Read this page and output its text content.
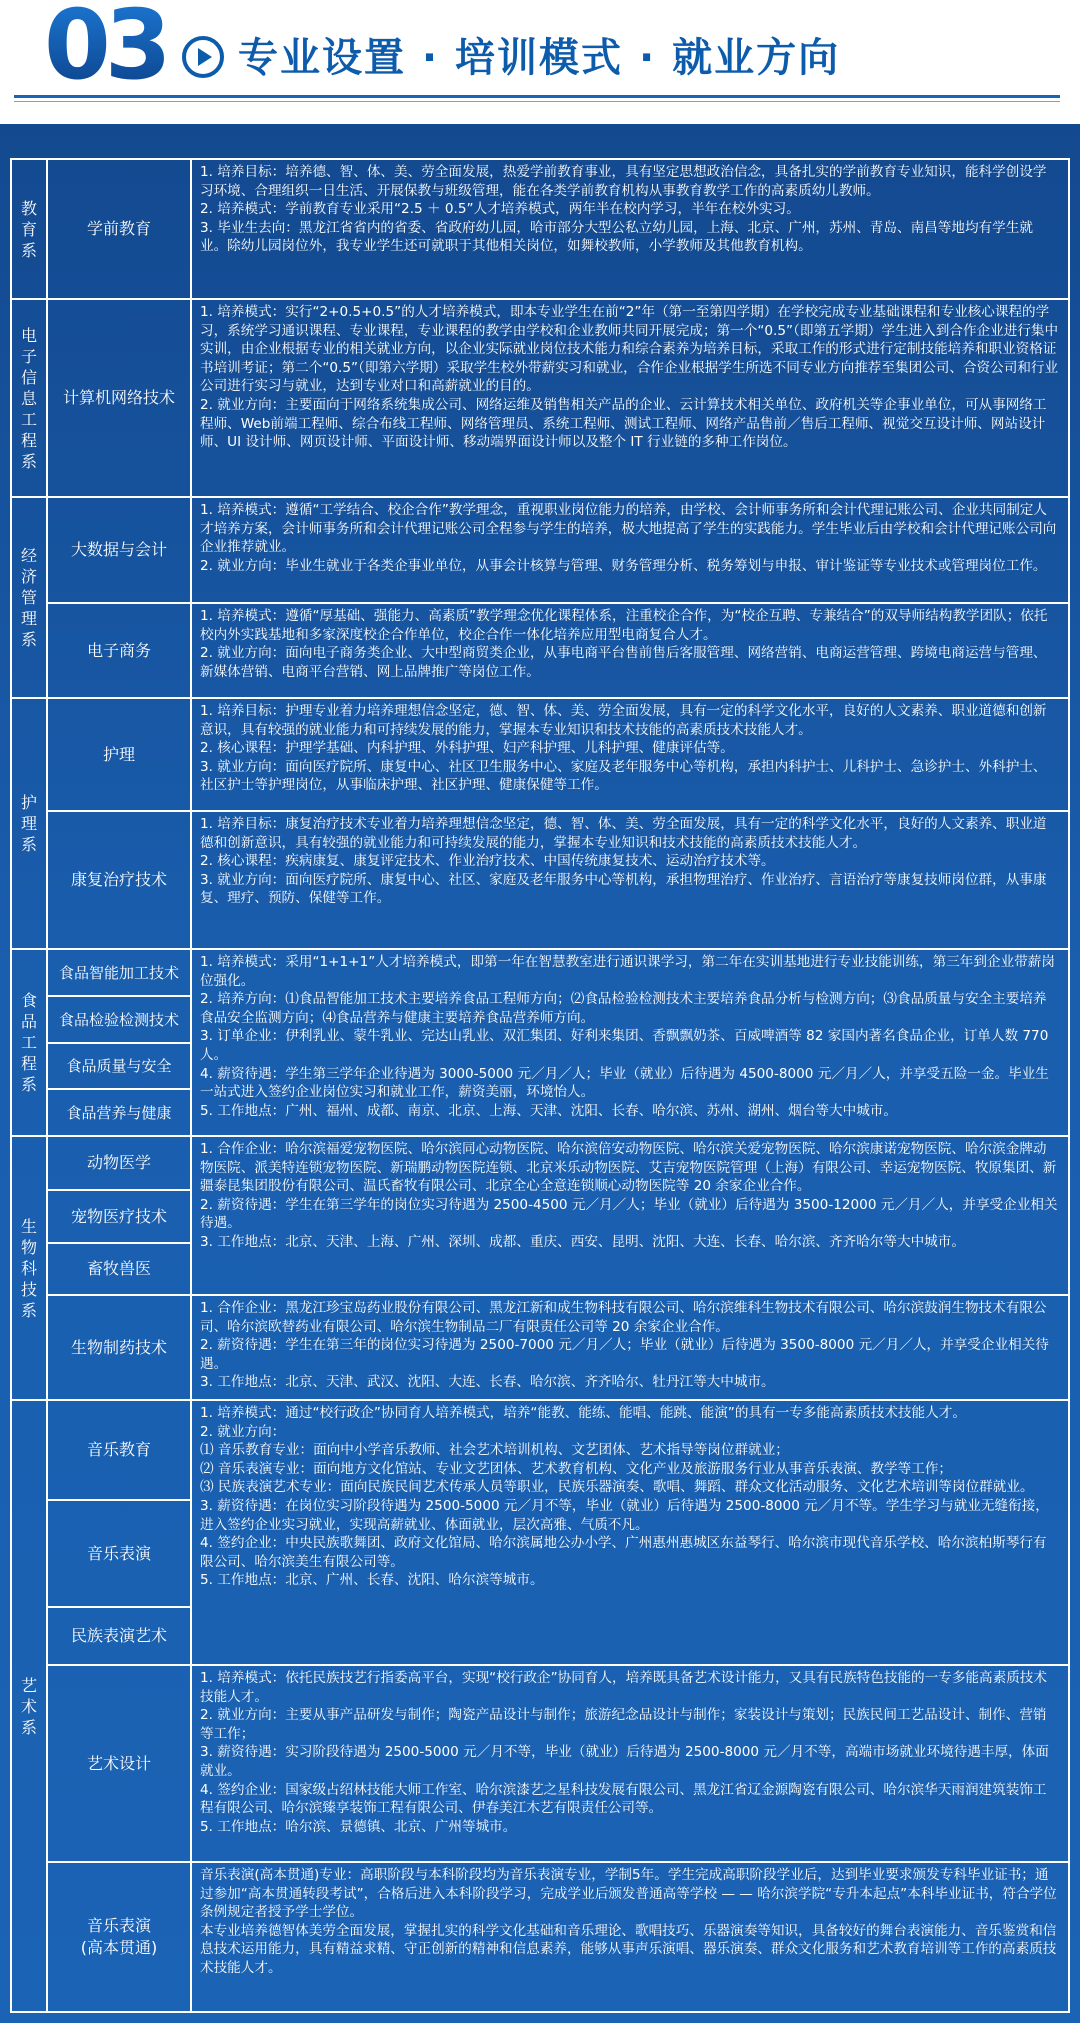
03 专业设置 · 培训模式 · 就业方向
教育系
电子信息工程系
经济管理系
护理系
食品工程系
生物科技系
艺术系
学前教育
计算机网络技术
大数据与会计
电子商务
护理
康复治疗技术
食品智能加工技术
食品检验检测技术
食品质量与安全
食品营养与健康
动物医学
宠物医疗技术
畜牧兽医
生物制药技术
音乐教育
音乐表演
民族表演艺术
艺术设计
音乐表演
(高本贯通)

1. 培养目标：培养德、智、体、美、劳全面发展，热爱学前教育事业，具有坚定思想政治信念，具备扎实的学前教育专业知识，能科学创设学习环境、合理组织一日生活、开展保教与班级管理，能在各类学前教育机构从事教育教学工作的高素质幼儿教师。

2. 培养模式：学前教育专业采用“2.5 ＋ 0.5”人才培养模式，两年半在校内学习，半年在校外实习。

3. 毕业生去向：黑龙江省省内的省委、省政府幼儿园，哈市部分大型公私立幼儿园，上海、北京、广州，苏州、青岛、南昌等地均有学生就业。除幼儿园岗位外，我专业学生还可就职于其他相关岗位，如舞校教师，小学教师及其他教育机构。

1. 培养模式：实行“2+0.5+0.5”的人才培养模式，即本专业学生在前“2”年（第一至第四学期）在学校完成专业基础课程和专业核心课程的学习，系统学习通识课程、专业课程，专业课程的教学由学校和企业教师共同开展完成；第一个“0.5”（即第五学期）学生进入到合作企业进行集中实训，由企业根据专业的相关就业方向，以企业实际就业岗位技术能力和综合素养为培养目标，采取工作的形式进行定制技能培养和职业资格证书培训考证；第二个“0.5”（即第六学期）采取学生校外带薪实习和就业，合作企业根据学生所选不同专业方向推荐至集团公司、合资公司和行业公司进行实习与就业，达到专业对口和高薪就业的目的。

2. 就业方向：主要面向于网络系统集成公司、网络运维及销售相关产品的企业、云计算技术相关单位、政府机关等企事业单位，可从事网络工程师、Web前端工程师、综合布线工程师、网络管理员、系统工程师、测试工程师、网络产品售前／售后工程师、视觉交互设计师、网站设计师、UI 设计师、网页设计师、平面设计师、移动端界面设计师以及整个 IT 行业链的多种工作岗位。

1. 培养模式：遵循“工学结合、校企合作”教学理念，重视职业岗位能力的培养，由学校、会计师事务所和会计代理记账公司、企业共同制定人才培养方案，会计师事务所和会计代理记账公司全程参与学生的培养，极大地提高了学生的实践能力。学生毕业后由学校和会计代理记账公司向企业推荐就业。

2. 就业方向：毕业生就业于各类企事业单位，从事会计核算与管理、财务管理分析、税务筹划与申报、审计鉴证等专业技术或管理岗位工作。

1. 培养模式：遵循“厚基础、强能力、高素质”教学理念优化课程体系，注重校企合作，为“校企互聘、专兼结合”的双导师结构教学团队；依托校内外实践基地和多家深度校企合作单位，校企合作一体化培养应用型电商复合人才。

2. 就业方向：面向电子商务类企业、大中型商贸类企业，从事电商平台售前售后客服管理、网络营销、电商运营管理、跨境电商运营与管理、新媒体营销、电商平台营销、网上品牌推广等岗位工作。

1. 培养目标：护理专业着力培养理想信念坚定，德、智、体、美、劳全面发展，具有一定的科学文化水平，良好的人文素养、职业道德和创新意识，具有较强的就业能力和可持续发展的能力，掌握本专业知识和技术技能的高素质技术技能人才。

2. 核心课程：护理学基础、内科护理、外科护理、妇产科护理、儿科护理、健康评估等。

3. 就业方向：面向医疗院所、康复中心、社区卫生服务中心、家庭及老年服务中心等机构，承担内科护士、儿科护士、急诊护士、外科护士、社区护士等护理岗位，从事临床护理、社区护理、健康保健等工作。

1. 培养目标：康复治疗技术专业着力培养理想信念坚定，德、智、体、美、劳全面发展，具有一定的科学文化水平，良好的人文素养、职业道德和创新意识，具有较强的就业能力和可持续发展的能力，掌握本专业知识和技术技能的高素质技术技能人才。

2. 核心课程：疾病康复、康复评定技术、作业治疗技术、中国传统康复技术、运动治疗技术等。

3. 就业方向：面向医疗院所、康复中心、社区、家庭及老年服务中心等机构，承担物理治疗、作业治疗、言语治疗等康复技师岗位群，从事康复、理疗、预防、保健等工作。

1. 培养模式：采用“1+1+1”人才培养模式，即第一年在智慧教室进行通识课学习，第二年在实训基地进行专业技能训练，第三年到企业带薪岗位强化。

2. 培养方向：⑴食品智能加工技术主要培养食品工程师方向；⑵食品检验检测技术主要培养食品分析与检测方向；⑶食品质量与安全主要培养食品安全监测方向；⑷食品营养与健康主要培养食品营养师方向。

3. 订单企业：伊利乳业、蒙牛乳业、完达山乳业、双汇集团、好利来集团、香飘飘奶茶、百威啤酒等 82 家国内著名食品企业，订单人数 770 人。

4. 薪资待遇：学生第三学年企业待遇为 3000-5000 元／月／人；毕业（就业）后待遇为 4500-8000 元／月／人，并享受五险一金。毕业生一站式进入签约企业岗位实习和就业工作，薪资美丽，环境怡人。

5. 工作地点：广州、福州、成都、南京、北京、上海、天津、沈阳、长春、哈尔滨、苏州、湖州、烟台等大中城市。

1. 合作企业：哈尔滨福爱宠物医院、哈尔滨同心动物医院、哈尔滨倍安动物医院、哈尔滨关爱宠物医院、哈尔滨康诺宠物医院、哈尔滨金牌动物医院、派美特连锁宠物医院、新瑞鹏动物医院连锁、北京米乐动物医院、艾吉宠物医院管理（上海）有限公司、幸运宠物医院、牧原集团、新疆泰昆集团股份有限公司、温氏畜牧有限公司、北京全心全意连锁顺心动物医院等 20 余家企业合作。

2. 薪资待遇：学生在第三学年的岗位实习待遇为 2500-4500 元／月／人；毕业（就业）后待遇为 3500-12000 元／月／人，并享受企业相关待遇。

3. 工作地点：北京、天津、上海、广州、深圳、成都、重庆、西安、昆明、沈阳、大连、长春、哈尔滨、齐齐哈尔等大中城市。

1. 合作企业：黑龙江珍宝岛药业股份有限公司、黑龙江新和成生物科技有限公司、哈尔滨维科生物技术有限公司、哈尔滨鼓润生物技术有限公司、哈尔滨欧替药业有限公司、哈尔滨生物制品二厂有限责任公司等 20 余家企业合作。

2. 薪资待遇：学生在第三年的岗位实习待遇为 2500-7000 元／月／人；毕业（就业）后待遇为 3500-8000 元／月／人，并享受企业相关待遇。

3. 工作地点：北京、天津、武汉、沈阳、大连、长春、哈尔滨、齐齐哈尔、牡丹江等大中城市。

1. 培养模式：通过“校行政企”协同育人培养模式，培养“能教、能练、能唱、能跳、能演”的具有一专多能高素质技术技能人才。

2. 就业方向：

⑴ 音乐教育专业：面向中小学音乐教师、社会艺术培训机构、文艺团体、艺术指导等岗位群就业；

⑵ 音乐表演专业：面向地方文化馆站、专业文艺团体、艺术教育机构、文化产业及旅游服务行业从事音乐表演、教学等工作；

⑶ 民族表演艺术专业：面向民族民间艺术传承人员等职业，民族乐器演奏、歌唱、舞蹈、群众文化活动服务、文化艺术培训等岗位群就业。

3. 薪资待遇：在岗位实习阶段待遇为 2500-5000 元／月不等，毕业（就业）后待遇为 2500-8000 元／月不等。学生学习与就业无缝衔接，进入签约企业实习就业，实现高薪就业、体面就业，层次高雅、气质不凡。

4. 签约企业：中央民族歌舞团、政府文化馆局、哈尔滨属地公办小学、广州惠州惠城区东益琴行、哈尔滨市现代音乐学校、哈尔滨柏斯琴行有限公司、哈尔滨美生有限公司等。

5. 工作地点：北京、广州、长春、沈阳、哈尔滨等城市。

1. 培养模式：依托民族技艺行指委高平台，实现“校行政企”协同育人，培养既具备艺术设计能力，又具有民族特色技能的一专多能高素质技术技能人才。

2. 就业方向：主要从事产品研发与制作；陶瓷产品设计与制作；旅游纪念品设计与制作；家装设计与策划；民族民间工艺品设计、制作、营销等工作；

3. 薪资待遇：实习阶段待遇为 2500-5000 元／月不等，毕业（就业）后待遇为 2500-8000 元／月不等，高端市场就业环境待遇丰厚，体面就业。

4. 签约企业：国家级占绍林技能大师工作室、哈尔滨漆艺之星科技发展有限公司、黑龙江省辽金源陶瓷有限公司、哈尔滨华天雨润建筑装饰工程有限公司、哈尔滨臻享装饰工程有限公司、伊春美江木艺有限责任公司等。

5. 工作地点：哈尔滨、景德镇、北京、广州等城市。

音乐表演(高本贯通)专业：高职阶段与本科阶段均为音乐表演专业，学制5年。学生完成高职阶段学业后，达到毕业要求颁发专科毕业证书；通过参加“高本贯通转段考试”，合格后进入本科阶段学习，完成学业后颁发普通高等学校 — — 哈尔滨学院“专升本起点”本科毕业证书，符合学位条例规定者授予学士学位。

本专业培养德智体美劳全面发展，掌握扎实的科学文化基础和音乐理论、歌唱技巧、乐器演奏等知识，具备较好的舞台表演能力、音乐鉴赏和信息技术运用能力，具有精益求精、守正创新的精神和信息素养，能够从事声乐演唱、器乐演奏、群众文化服务和艺术教育培训等工作的高素质技术技能人才。
